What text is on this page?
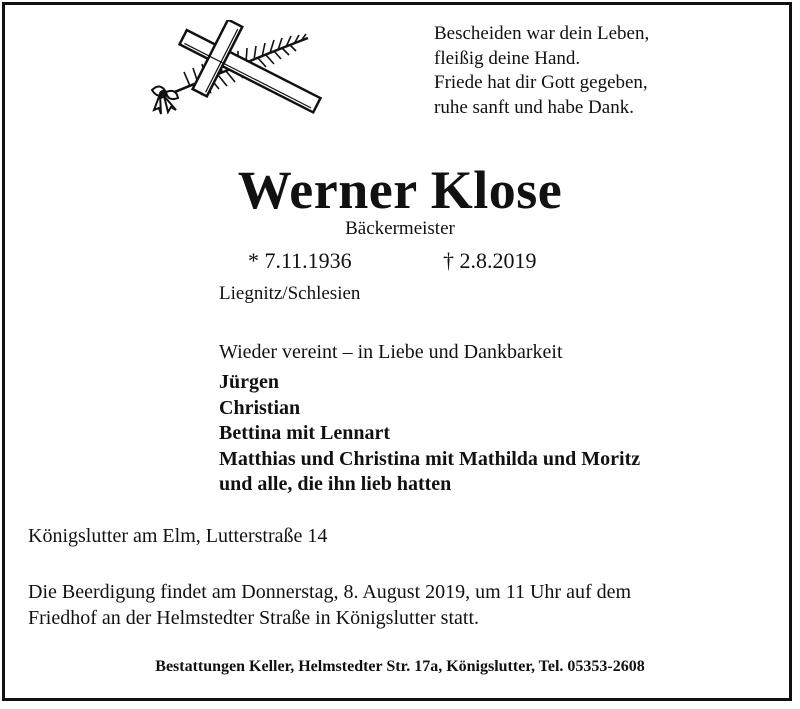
Bescheiden war dein Leben,
fleißig deine Hand.
Friede hat dir Gott gegeben,
ruhe sanft und habe Dank.
Werner Klose
Bäckermeister
* 7.11.1936	† 2.8.2019
Liegnitz/Schlesien
Wieder vereint – in Liebe und Dankbarkeit
Jürgen
Christian
Bettina mit Lennart
Matthias und Christina mit Mathilda und Moritz
und alle, die ihn lieb hatten
Königslutter am Elm, Lutterstraße 14
Die Beerdigung findet am Donnerstag, 8. August 2019, um 11 Uhr auf dem
Friedhof an der Helmstedter Straße in Königslutter statt.
Bestattungen Keller, Helmstedter Str. 17a, Königslutter, Tel. 05353-2608
